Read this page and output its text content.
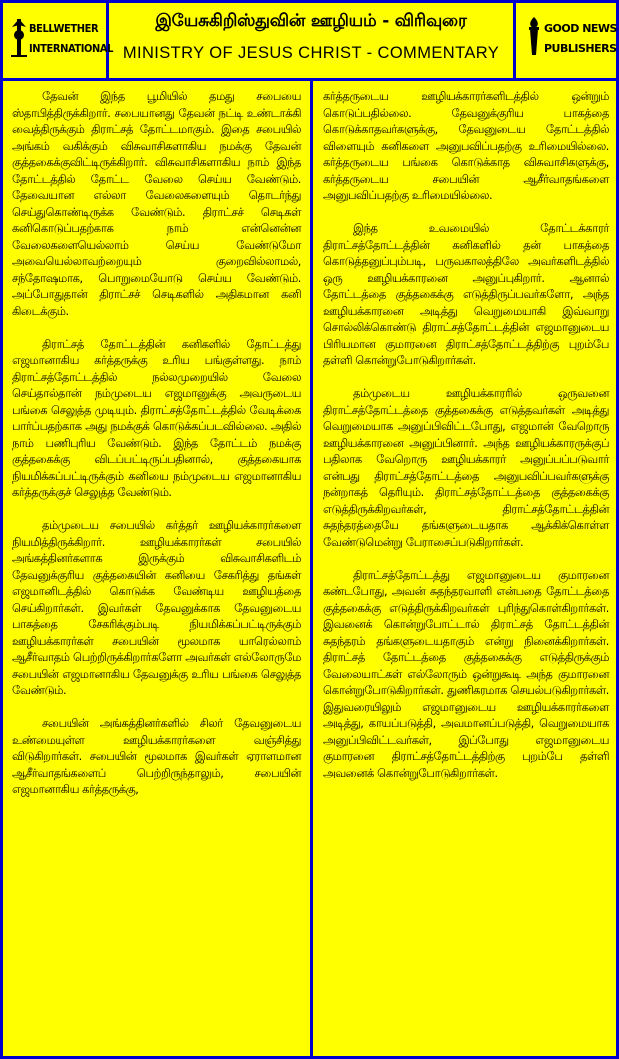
BELLWETHER
INTERNATIONAL
இயேசுகிறிஸ்துவின் ஊழியம் - விரிவுரை
MINISTRY OF JESUS CHRIST - COMMENTARY
GOOD NEWS
PUBLISHERS

தேவன் இந்த பூமியில் தமது சபையை ஸ்தாபித்திருக்கிறார். சபையானது தேவன் நட்டி உண்டாக்கி வைத்திருக்கும் திராட்சத் தோட்டமாகும். இதை சபையில் அங்கம் வகிக்கும் விசுவாசிகளாகிய நமக்கு தேவன் குத்தகைக்குவிட்டிருக்கிறார். விசுவாசிகளாகிய நாம் இந்த தோட்டத்தில் தோட்ட வேலை செய்ய வேண்டும். தேவையான எல்லா வேலைகளையும் தொடர்ந்து செய்துகொண்டிருக்க வேண்டும். திராட்சச் செடிகள் கனிகொடுப்பதற்காக நாம் என்னென்ன வேலைகளையெல்லாம் செய்ய வேண்டுமோ அவையெல்லாவற்றையும் குறைவில்லாமல், சந்தோஷமாக, பொறுமையோடு செய்ய வேண்டும். அப்போதுதான் திராட்சச் செடிகளில் அதிகமான கனி கிடைக்கும்.

திராட்சத் தோட்டத்தின் கனிகளில் தோட்டத்து எஜமானாகிய கர்த்தருக்கு உரிய பங்குள்ளது. நாம் திராட்சத்தோட்டத்தில் நல்லமுறையில் வேலை செய்தால்தான் நம்முடைய எஜமானுக்கு அவருடைய பங்கை செலுத்த முடியும். திராட்சத்தோட்டத்தில் வேடிக்கை பார்ப்பதற்காக அது நமக்குக் கொடுக்கப்படவில்லை. அதில் நாம் பணிபுரிய வேண்டும். இந்த தோட்டம் நமக்கு குத்தகைக்கு விடப்பட்டிருப்பதினால், குத்தகையாக நியமிக்கப்பட்டிருக்கும் கனியை நம்முடைய எஜமானாகிய கர்த்தருக்குச் செலுத்த வேண்டும்.

தம்முடைய சபையில் கர்த்தர் ஊழியக்காரர்களை நியமித்திருக்கிறார். ஊழியக்காரர்கள் சபையில் அங்கத்தினர்களாக இருக்கும் விசுவாசிகளிடம் தேவனுக்குரிய குத்தகையின் கனியை சேகரித்து தங்கள் எஜமானிடத்தில் கொடுக்க வேண்டிய ஊழியத்தை செய்கிறார்கள். இவர்கள் தேவனுக்காக தேவனுடைய பாகத்தை சேகரிக்கும்படி நியமிக்கப்பட்டிருக்கும் ஊழியக்காரர்கள் சபையின் மூலமாக யாரெல்லாம் ஆசீர்வாதம் பெற்றிருக்கிறார்களோ அவர்கள் எல்லோருமே சபையின் எஜமானாகிய தேவனுக்கு உரிய பங்கை செலுத்த வேண்டும்.

சபையின் அங்கத்தினர்களில் சிலர் தேவனுடைய உண்மையுள்ள ஊழியக்காரர்களை வஞ்சித்து விடுகிறார்கள். சபையின் மூலமாக இவர்கள் ஏராளமான ஆசீர்வாதங்களைப் பெற்றிருந்தாலும், சபையின் எஜமானாகிய கர்த்தருக்கு,

கர்த்தருடைய ஊழியக்காரர்களிடத்தில் ஒன்றும் கொடுப்பதில்லை. தேவனுக்குரிய பாகத்தை கொடுக்காதவர்களுக்கு, தேவனுடைய தோட்டத்தில் விளையும் கனிகளை அனுபவிப்பதற்கு உரிமையில்லை. கர்த்தருடைய பங்கை கொடுக்காத விசுவாசிகளுக்கு, கர்த்தருடைய சபையின் ஆசீர்வாதங்களை அனுபவிப்பதற்கு உரிமையில்லை.

இந்த உவமையில் தோட்டக்காரர் திராட்சத்தோட்டத்தின் கனிகளில் தன் பாகத்தை கொடுத்தனுப்பும்படி, பருவகாலத்திலே அவர்களிடத்தில் ஒரு ஊழியக்காரனை அனுப்புகிறார். ஆனால் தோட்டத்தை குத்தகைக்கு எடுத்திருப்பவர்களோ, அந்த ஊழியக்காரனை அடித்து வெறுமையாகி இவ்வாறு சொல்லிக்கொண்டு திராட்சத்தோட்டத்தின் எஜமானுடைய பிரியமான குமாரனை திராட்சத்தோட்டத்திற்கு புறம்பே தள்ளி கொன்றுபோடுகிறார்கள்.

தம்முடைய ஊழியக்காரரில் ஒருவனை திராட்சத்தோட்டத்தை குத்தகைக்கு எடுத்தவர்கள் அடித்து வெறுமையாக அனுப்பிவிட்டபோது, எஜமான் வேறொரு ஊழியக்காரனை அனுப்பினார். அந்த ஊழியக்காரருக்குப் பதிலாக வேறொரு ஊழியக்காரர் அனுப்பப்படுவார் என்பது திராட்சத்தோட்டத்தை அனுபவிப்பவர்களுக்கு நன்றாகத் தெரியும். திராட்சத்தோட்டத்தை குத்தகைக்கு எடுத்திருக்கிறவர்கள், திராட்சத்தோட்டத்தின் சுதந்தரத்தையே தங்களுடையதாக ஆக்கிக்கொள்ள வேண்டுமென்று பேராசைப்படுகிறார்கள்.

திராட்சத்தோட்டத்து எஜமானுடைய குமாரனை கண்டபோது, அவன் சுதந்தரவாளி என்பதை தோட்டத்தை குத்தகைக்கு எடுத்திருக்கிறவர்கள் புரிந்துகொள்கிறார்கள். இவனைக் கொன்றுபோட்டால் திராட்சத் தோட்டத்தின் சுதந்தரம் தங்களுடையதாகும் என்று நினைக்கிறார்கள். திராட்சத் தோட்டத்தை குத்தகைக்கு எடுத்திருக்கும் வேலையாட்கள் எல்லோரும் ஒன்றுகூடி அந்த குமாரனை கொன்றுபோடுகிறார்கள். துணிகரமாக செயல்படுகிறார்கள். இதுவரையிலும் எஜமானுடைய ஊழியக்காரர்களை அடித்து, காயப்படுத்தி, அவமானப்படுத்தி, வெறுமையாக அனுப்பிவிட்டவர்கள், இப்போது எஜமானுடைய குமாரனை திராட்சத்தோட்டத்திற்கு புறம்பே தள்ளி அவனைக் கொன்றுபோடுகிறார்கள்.
